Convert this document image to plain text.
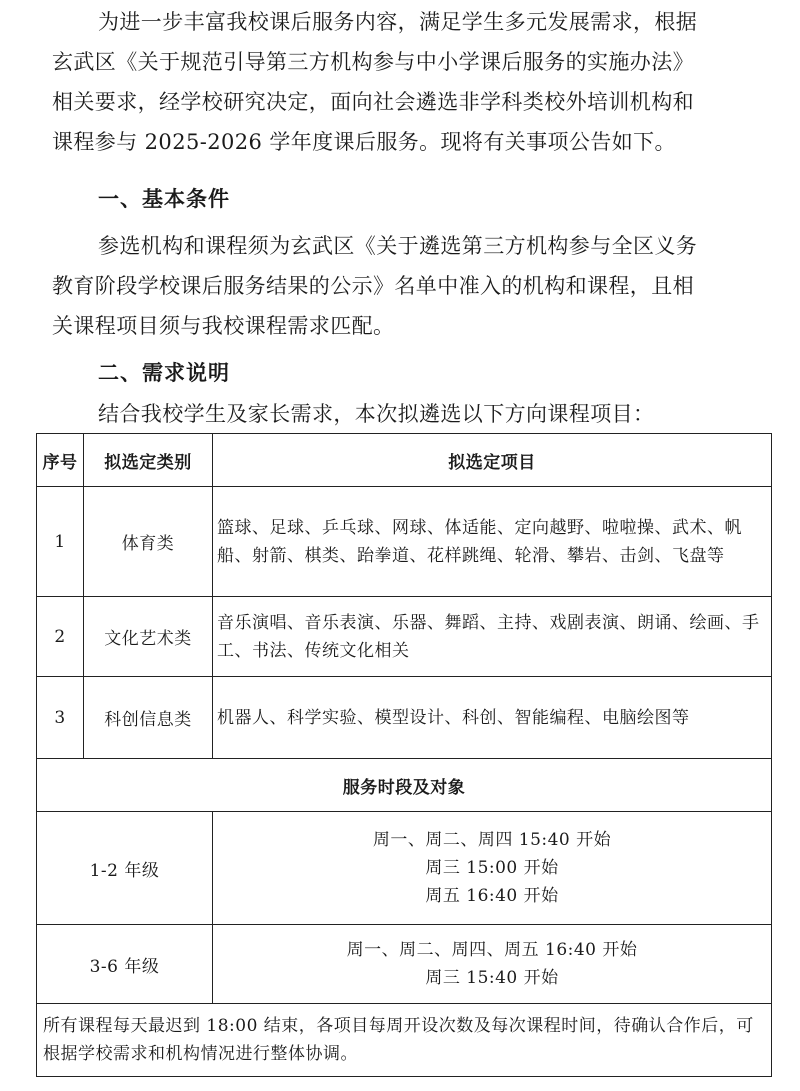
为进一步丰富我校课后服务内容，满足学生多元发展需求，根据
玄武区《关于规范引导第三方机构参与中小学课后服务的实施办法》
相关要求，经学校研究决定，面向社会遴选非学科类校外培训机构和
课程参与 2025-2026 学年度课后服务。现将有关事项公告如下。
一、基本条件
参选机构和课程须为玄武区《关于遴选第三方机构参与全区义务
教育阶段学校课后服务结果的公示》名单中准入的机构和课程，且相
关课程项目须与我校课程需求匹配。
二、需求说明
结合我校学生及家长需求，本次拟遴选以下方向课程项目：
序号	拟选定类别	拟选定项目
1	体育类	篮球、足球、乒乓球、网球、体适能、定向越野、啦啦操、武术、帆船、射箭、棋类、跆拳道、花样跳绳、轮滑、攀岩、击剑、飞盘等
2	文化艺术类	音乐演唱、音乐表演、乐器、舞蹈、主持、戏剧表演、朗诵、绘画、手工、书法、传统文化相关
3	科创信息类	机器人、科学实验、模型设计、科创、智能编程、电脑绘图等
服务时段及对象		
1-2 年级		周一、周二、周四 15:40 开始
周三 15:00 开始
周五 16:40 开始

3-6 年级		周一、周二、周四、周五 16:40 开始
周三 15:40 开始

所有课程每天最迟到 18:00 结束，各项目每周开设次数及每次课程时间，待确认合作后，可根据学校需求和机构情况进行整体协调。		
